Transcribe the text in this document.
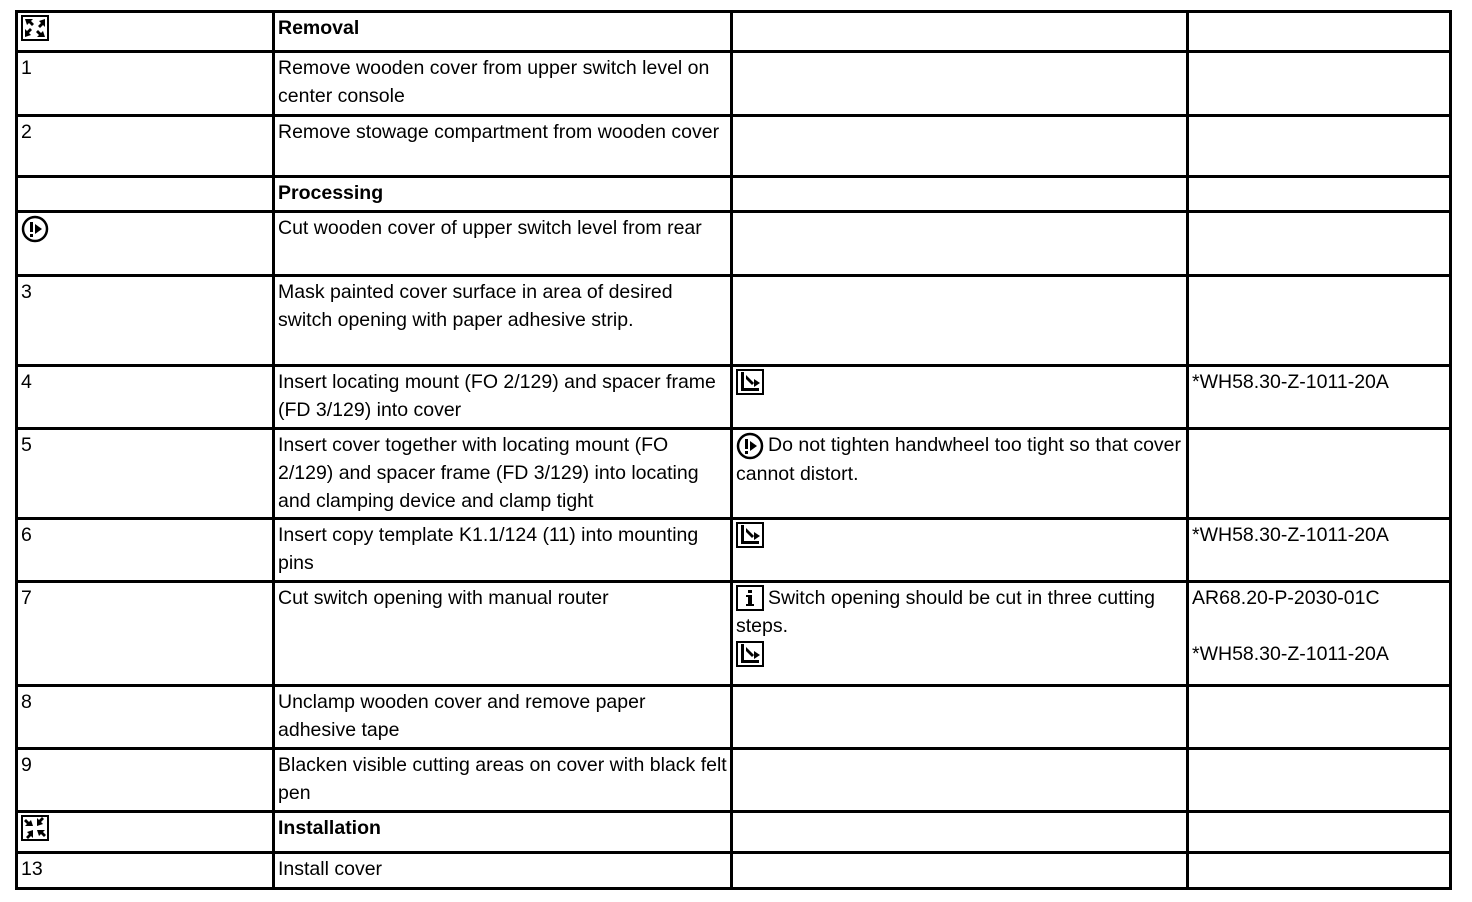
	Removal		
1	Remove wooden cover from upper switch level on center console		
2	Remove stowage compartment from wooden cover		
	Processing		

	Cut wooden cover of upper switch level from rear		
3	Mask painted cover surface in area of desired switch opening with paper adhesive strip.		
4	Insert locating mount (FO 2/129) and spacer frame (FD 3/129) into cover		*WH58.30-Z-1011-20A
5	Insert cover together with locating mount (FO 2/129) and spacer frame (FD 3/129) into locating and clamping device and clamp tight	Do not tighten handwheel too tight so that cover cannot distort.	
6	Insert copy template K1.1/124 (11) into mounting pins		*WH58.30-Z-1011-20A
7	Cut switch opening with manual router	Switch opening should be cut in three cutting steps.	AR68.20-P-2030-01C
*WH58.30-Z-1011-20A

8	Unclamp wooden cover and remove paper adhesive tape		
9	Blacken visible cutting areas on cover with black felt pen		

	Installation		
13	Install cover		
